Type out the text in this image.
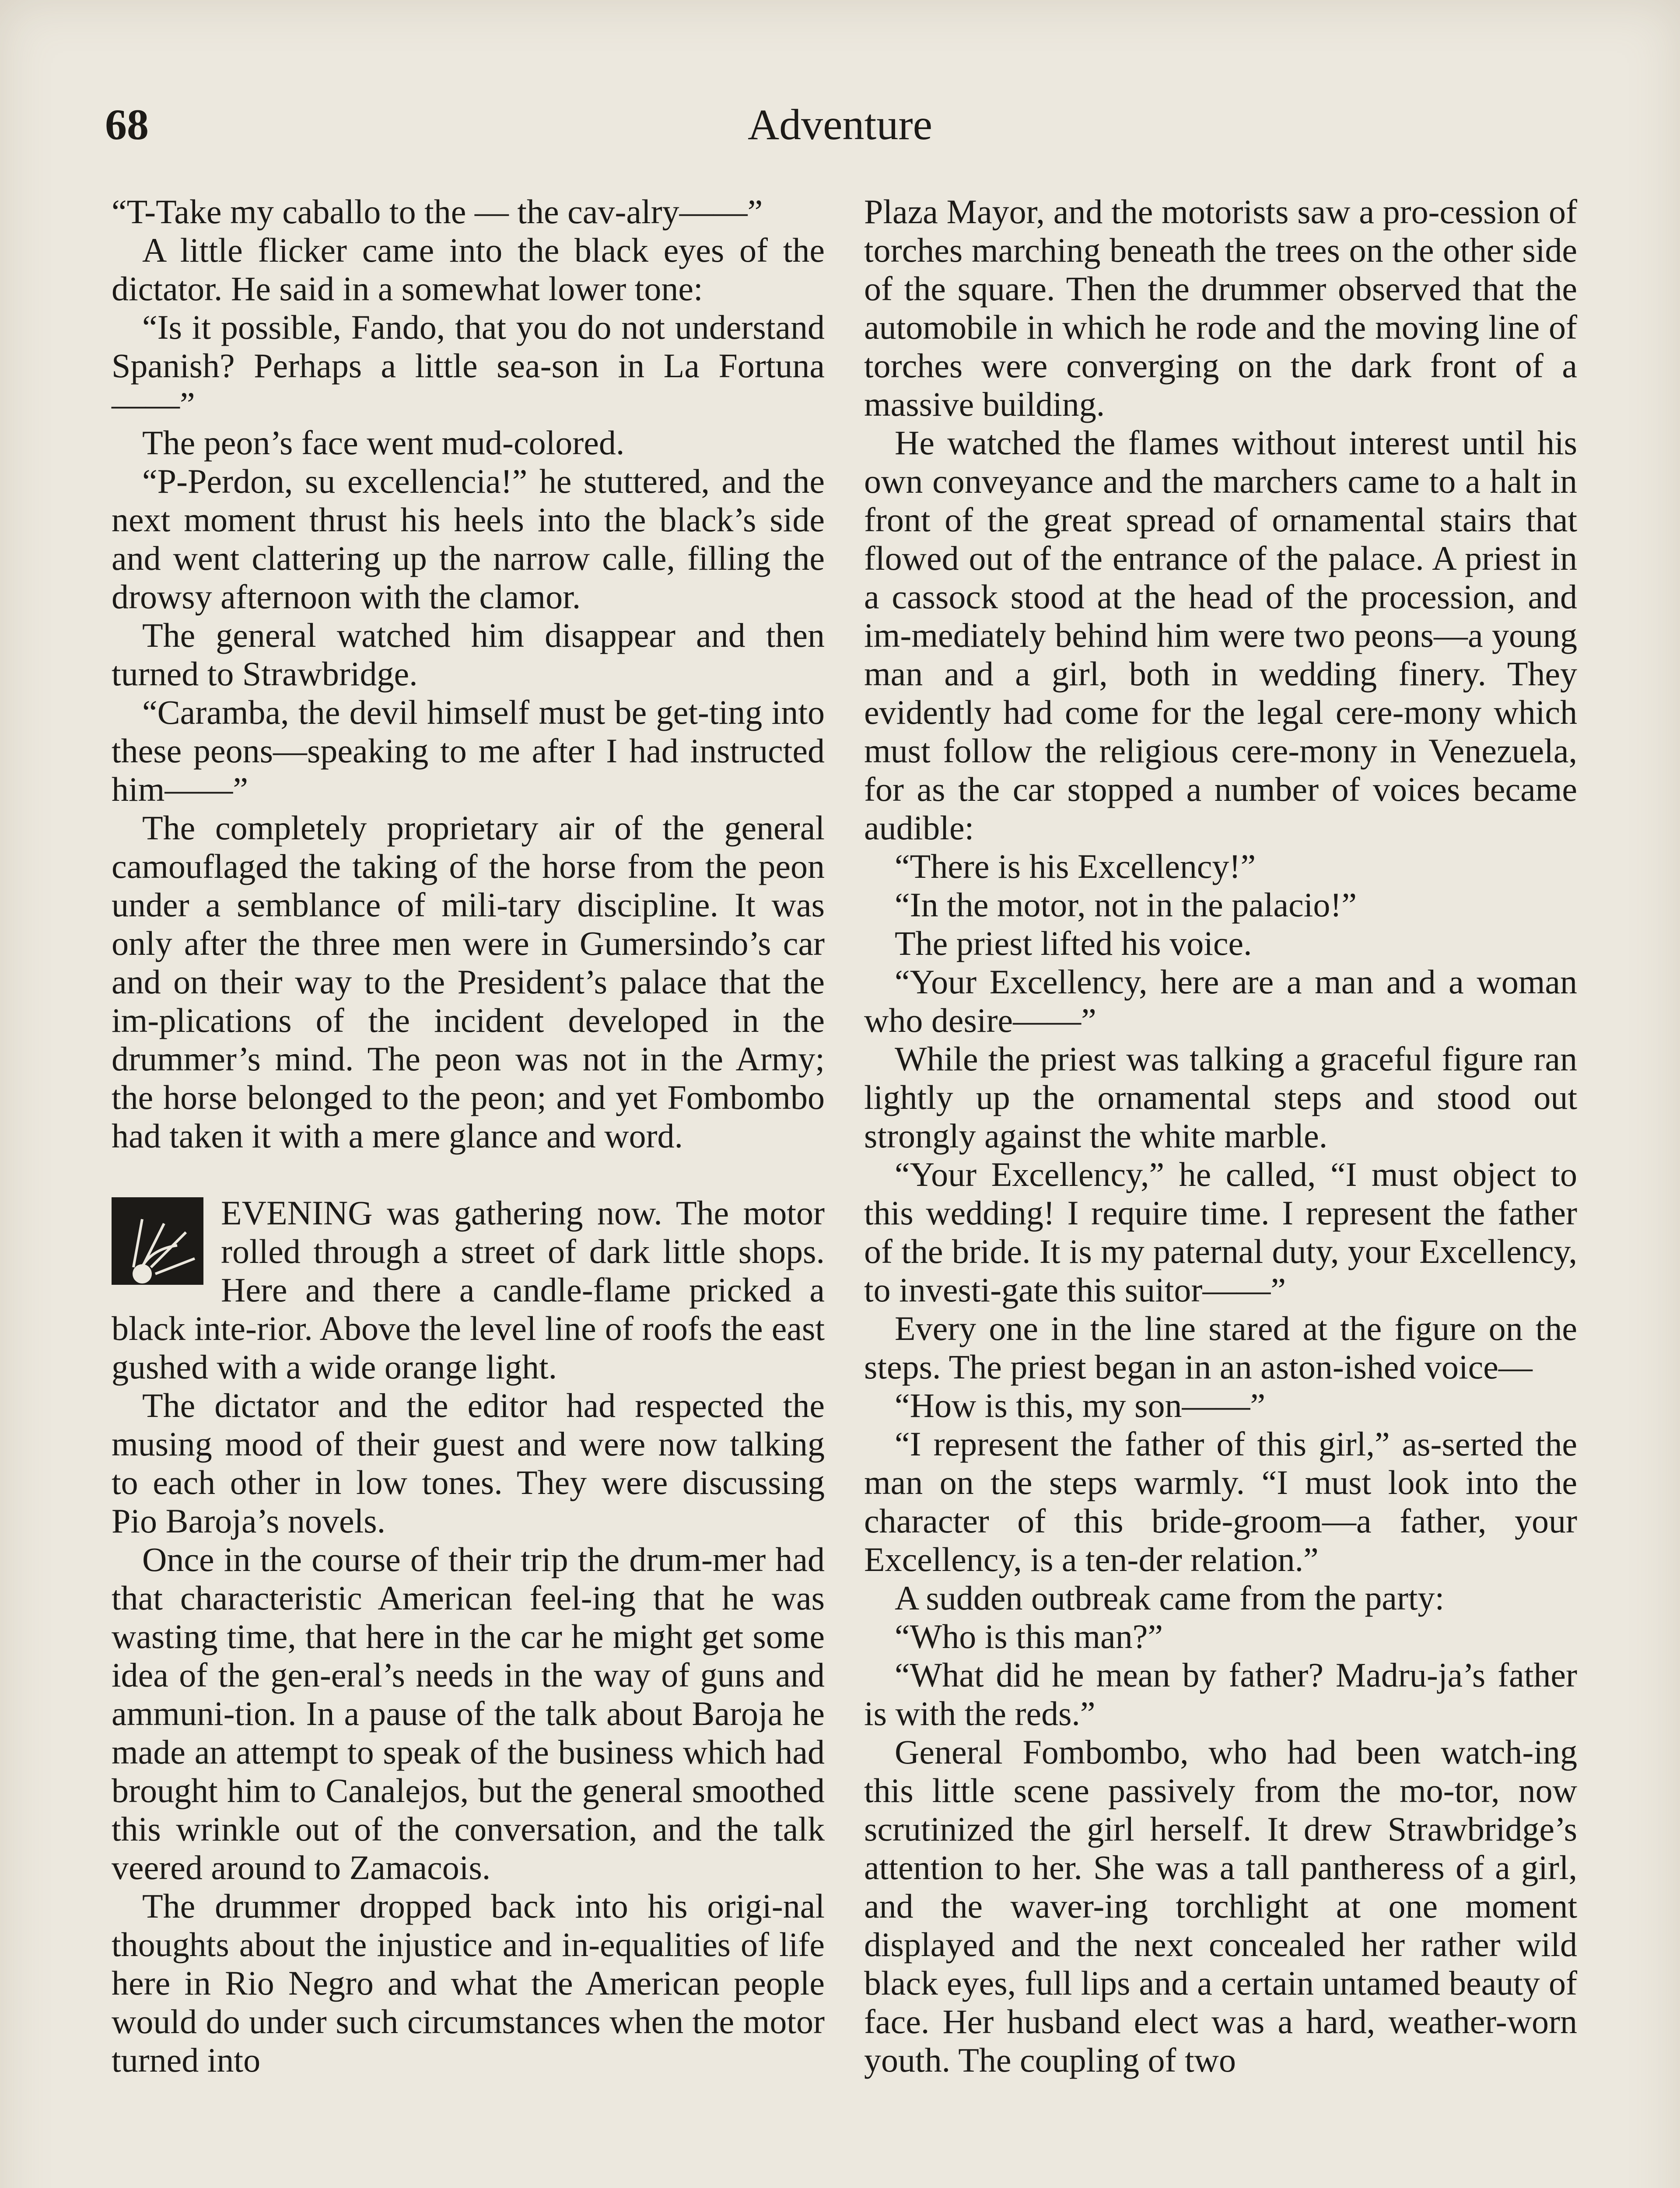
68	Adventure

“T-Take my caballo to the — the cav-alry——”

A little flicker came into the black eyes of the dictator. He said in a somewhat lower tone:

“Is it possible, Fando, that you do not understand Spanish? Perhaps a little sea-son in La Fortuna——”

The peon’s face went mud-colored.

“P-Perdon, su excellencia!” he stuttered, and the next moment thrust his heels into the black’s side and went clattering up the narrow calle, filling the drowsy afternoon with the clamor.

The general watched him disappear and then turned to Strawbridge.

“Caramba, the devil himself must be get-ting into these peons—speaking to me after I had instructed him——”

The completely proprietary air of the general camouflaged the taking of the horse from the peon under a semblance of mili-tary discipline. It was only after the three men were in Gumersindo’s car and on their way to the President’s palace that the im-plications of the incident developed in the drummer’s mind. The peon was not in the Army; the horse belonged to the peon; and yet Fombombo had taken it with a mere glance and word.

EVENING was gathering now. The motor rolled through a street of dark little shops. Here and there a candle-flame pricked a black inte-rior. Above the level line of roofs the east gushed with a wide orange light.

The dictator and the editor had respected the musing mood of their guest and were now talking to each other in low tones. They were discussing Pio Baroja’s novels.

Once in the course of their trip the drum-mer had that characteristic American feel-ing that he was wasting time, that here in the car he might get some idea of the gen-eral’s needs in the way of guns and ammuni-tion. In a pause of the talk about Baroja he made an attempt to speak of the business which had brought him to Canalejos, but the general smoothed this wrinkle out of the conversation, and the talk veered around to Zamacois.

The drummer dropped back into his origi-nal thoughts about the injustice and in-equalities of life here in Rio Negro and what the American people would do under such circumstances when the motor turned into

Plaza Mayor, and the motorists saw a pro-cession of torches marching beneath the trees on the other side of the square. Then the drummer observed that the automobile in which he rode and the moving line of torches were converging on the dark front of a massive building.

He watched the flames without interest until his own conveyance and the marchers came to a halt in front of the great spread of ornamental stairs that flowed out of the entrance of the palace. A priest in a cassock stood at the head of the procession, and im-mediately behind him were two peons—a young man and a girl, both in wedding finery. They evidently had come for the legal cere-mony which must follow the religious cere-mony in Venezuela, for as the car stopped a number of voices became audible:

“There is his Excellency!”

“In the motor, not in the palacio!”

The priest lifted his voice.

“Your Excellency, here are a man and a woman who desire——”

While the priest was talking a graceful figure ran lightly up the ornamental steps and stood out strongly against the white marble.

“Your Excellency,” he called, “I must object to this wedding! I require time. I represent the father of the bride. It is my paternal duty, your Excellency, to investi-gate this suitor——”

Every one in the line stared at the figure on the steps. The priest began in an aston-ished voice—

“How is this, my son——”

“I represent the father of this girl,” as-serted the man on the steps warmly. “I must look into the character of this bride-groom—a father, your Excellency, is a ten-der relation.”

A sudden outbreak came from the party:

“Who is this man?”

“What did he mean by father? Madru-ja’s father is with the reds.”

General Fombombo, who had been watch-ing this little scene passively from the mo-tor, now scrutinized the girl herself. It drew Strawbridge’s attention to her. She was a tall pantheress of a girl, and the waver-ing torchlight at one moment displayed and the next concealed her rather wild black eyes, full lips and a certain untamed beauty of face. Her husband elect was a hard, weather-worn youth. The coupling of two
